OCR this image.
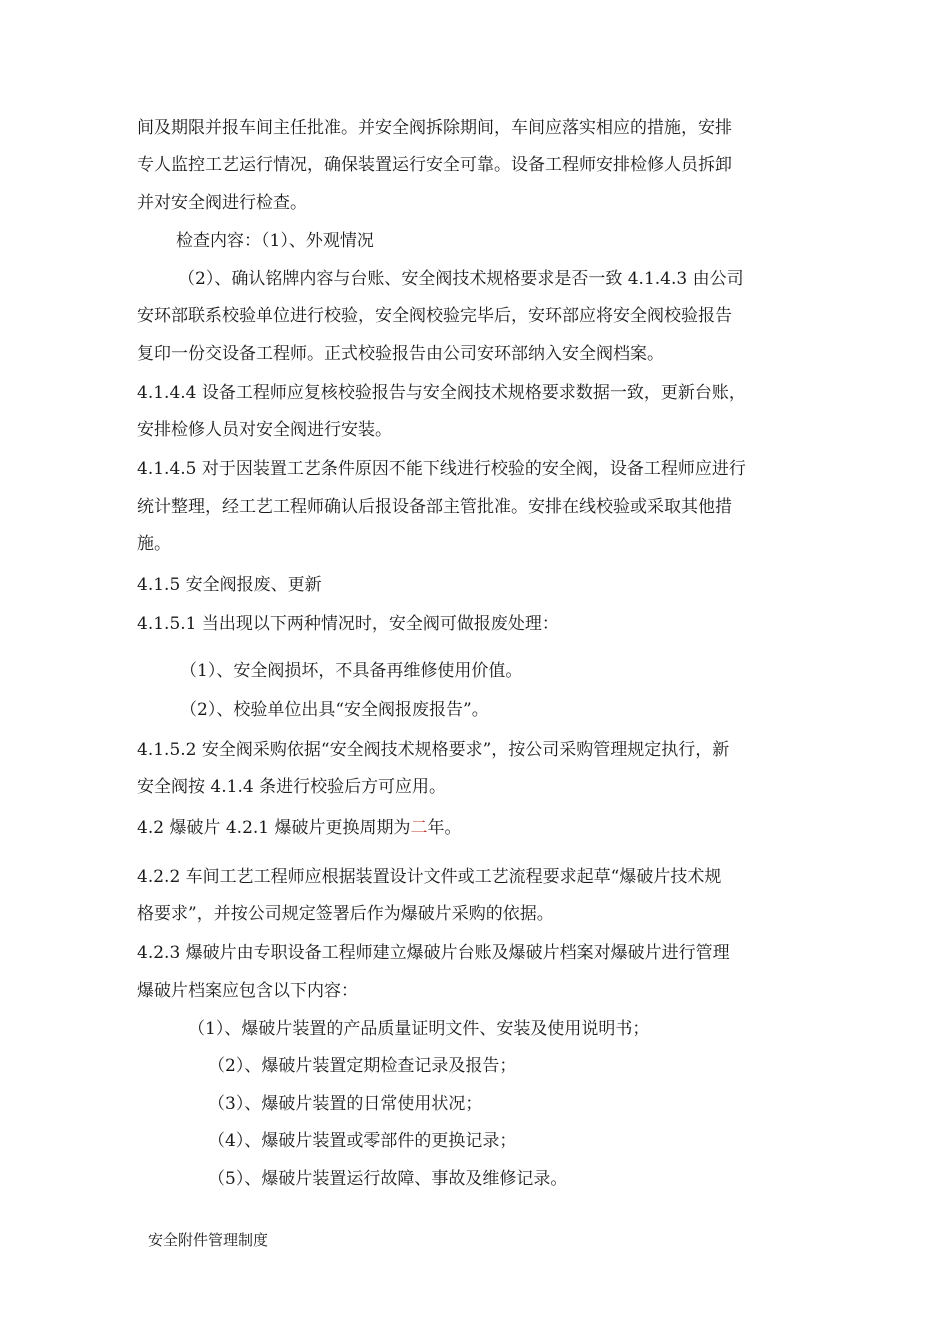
间及期限并报车间主任批准。并安全阀拆除期间，车间应落实相应的措施，安排
专人监控工艺运行情况，确保装置运行安全可靠。设备工程师安排检修人员拆卸
并对安全阀进行检查。
检查内容：（1）、外观情况
（2）、确认铭牌内容与台账、安全阀技术规格要求是否一致 4.1.4.3 由公司
安环部联系校验单位进行校验，安全阀校验完毕后，安环部应将安全阀校验报告
复印一份交设备工程师。正式校验报告由公司安环部纳入安全阀档案。
4.1.4.4 设备工程师应复核校验报告与安全阀技术规格要求数据一致，更新台账，
安排检修人员对安全阀进行安装。
4.1.4.5 对于因装置工艺条件原因不能下线进行校验的安全阀，设备工程师应进行
统计整理，经工艺工程师确认后报设备部主管批准。安排在线校验或采取其他措
施。
4.1.5 安全阀报废、更新
4.1.5.1 当出现以下两种情况时，安全阀可做报废处理：
（1）、安全阀损坏，不具备再维修使用价值。
（2）、校验单位出具“安全阀报废报告”。
4.1.5.2 安全阀采购依据“安全阀技术规格要求”，按公司采购管理规定执行，新
安全阀按 4.1.4 条进行校验后方可应用。
4.2 爆破片 4.2.1 爆破片更换周期为二年。
4.2.2 车间工艺工程师应根据装置设计文件或工艺流程要求起草“爆破片技术规
格要求”，并按公司规定签署后作为爆破片采购的依据。
4.2.3 爆破片由专职设备工程师建立爆破片台账及爆破片档案对爆破片进行管理
爆破片档案应包含以下内容：
（1）、爆破片装置的产品质量证明文件、安装及使用说明书；
（2）、爆破片装置定期检查记录及报告；
（3）、爆破片装置的日常使用状况；
（4）、爆破片装置或零部件的更换记录；
（5）、爆破片装置运行故障、事故及维修记录。
安全附件管理制度
